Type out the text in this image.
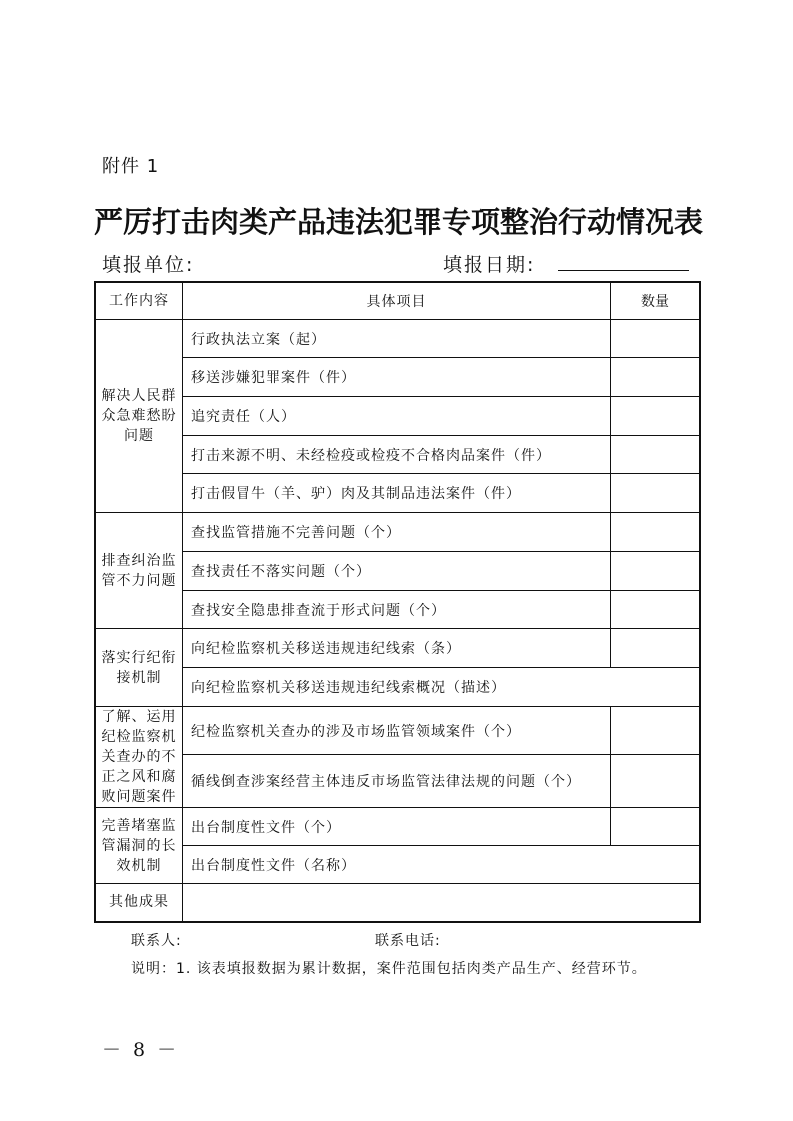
附件 1
严厉打击肉类产品违法犯罪专项整治行动情况表
填报单位:	填报日期:
工作内容	具体项目	数量
解决人民群众急难愁盼问题	行政执法立案（起）	
	移送涉嫌犯罪案件（件）	
	追究责任（人）	
	打击来源不明、未经检疫或检疫不合格肉品案件（件）	
	打击假冒牛（羊、驴）肉及其制品违法案件（件）	
排查纠治监管不力问题	查找监管措施不完善问题（个）	
	查找责任不落实问题（个）	
	查找安全隐患排查流于形式问题（个）	
落实行纪衔接机制	向纪检监察机关移送违规违纪线索（条）	
	向纪检监察机关移送违规违纪线索概况（描述）	
了解、运用纪检监察机关查办的不正之风和腐败问题案件	纪检监察机关查办的涉及市场监管领域案件（个）	
	循线倒查涉案经营主体违反市场监管法律法规的问题（个）	
完善堵塞监管漏洞的长效机制	出台制度性文件（个）	
	出台制度性文件（名称）	
其他成果		
联系人:	联系电话:
说明：1. 该表填报数据为累计数据，案件范围包括肉类产品生产、经营环节。
－ 8 －
